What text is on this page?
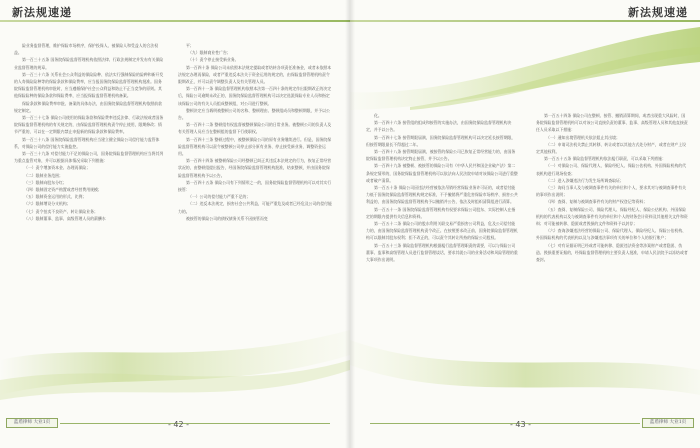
新法规速递

险业务监督管理，维护保险市场秩序，保护投保人、被保险人和受益人的合法权益。

第一百三十五条 国务院保险监督管理机构依照法律、行政法规制定并发布有关保险业监督管理的规章。

第一百三十六条 关系社会公众利益的保险险种、依法实行强制保险的险种和新开发的人寿保险险种等的保险条款和保险费率，应当报国务院保险监督管理机构批准。国务院保险监督管理机构审批时，应当遵循保护社会公众利益和防止不正当竞争的原则。其他保险险种的保险条款和保险费率，应当报保险监督管理机构备案。

保险条款和保险费率审批、备案的具体办法，由国务院保险监督管理机构依照前款规定制定。

第一百三十七条 保险公司使用的保险条款和保险费率违反法律、行政法规或者国务院保险监督管理机构的有关规定的，由保险监督管理机构责令停止使用，限期修改；情节严重的，可以在一定期限内禁止申报新的保险条款和保险费率。

第一百三十八条 国务院保险监督管理机构应当建立健全保险公司偿付能力监管体系，对保险公司的偿付能力实施监控。

第一百三十九条 对偿付能力不足的保险公司，国务院保险监督管理机构应当将其列为重点监管对象，并可以根据具体情况采取下列措施：

（一）责令增加资本金、办理再保险；

（二）限制业务范围；

（三）限制向股东分红；

（四）限制固定资产购置或者经营费用规模；

（五）限制资金运用的形式、比例；

（六）限制增设分支机构；

（七）责令拍卖不良资产、转让保险业务；

（八）限制董事、监事、高级管理人员的薪酬水

平；

（九）限制商业性广告；

（十）责令停止接受新业务。

第一百四十条 保险公司未依照本法规定提取或者结转各项责任准备金，或者未依照本法规定办理再保险，或者严重违反本法关于资金运用的规定的，由保险监督管理机构责令限期改正，并可以责令调整负责人及有关管理人员。

第一百四十一条 保险监督管理机构依照本法第一百四十条的规定作出限期改正的决定后，保险公司逾期未改正的，国务院保险监督管理机构可以决定选派保险专业人员和指定该保险公司的有关人员组成整顿组，对公司进行整顿。

整顿决定应当载明被整顿公司的名称、整顿理由、整顿组成员和整顿期限，并予以公告。

第一百四十二条 整顿组有权监督被整顿保险公司的日常业务。被整顿公司的负责人及有关管理人员应当在整顿组的监督下行使职权。

第一百四十三条 整顿过程中，被整顿保险公司的原有业务继续进行。但是，国务院保险监督管理机构可以责令被整顿公司停止部分原有业务、停止接受新业务，调整资金运用。

第一百四十四条 被整顿保险公司经整顿已纠正其违反本法规定的行为，恢复正常经营状况的，由整顿组提出报告，经国务院保险监督管理机构批准，结束整顿，并由国务院保险监督管理机构予以公告。

第一百四十五条 保险公司有下列情形之一的，国务院保险监督管理机构可以对其实行接管：

（一）公司的偿付能力严重不足的；

（二）违反本法规定，损害社会公共利益，可能严重危及或者已经危及公司的偿付能力的。

被接管的保险公司的债权债务关系不因接管而变

蓝盾律师 大业1页	- 42 -
新法规速递

化。

第一百四十六条 接管组的组成和接管的实施办法，由国务院保险监督管理机构决定，并予以公告。

第一百四十七条 接管期限届满，国务院保险监督管理机构可以决定延长接管期限，但接管期限最长不得超过二年。

第一百四十八条 接管期限届满，被接管的保险公司已恢复正常经营能力的，由国务院保险监督管理机构决定终止接管，并予以公告。

第一百四十九条 被整顿、被接管的保险公司有《中华人民共和国企业破产法》第二条规定情形的，国务院保险监督管理机构可以依法向人民法院申请对该保险公司进行重整或者破产清算。

第一百五十条 保险公司因违法经营被依法吊销经营保险业务许可证的，或者偿付能力低于国务院保险监督管理机构规定标准，不予撤销将严重危害保险市场秩序、损害公共利益的，由国务院保险监督管理机构予以撤销并公告，依法及时组织清算组进行清算。

第一百五十一条 国务院保险监督管理机构有权要求保险公司股东、实际控制人在指定的期限内提供有关信息和资料。

第一百五十二条 保险公司的股东利用关联交易严重损害公司利益，危及公司偿付能力的，由国务院保险监督管理机构责令改正。在按照要求改正前，国务院保险监督管理机构可以限制其股东权利；拒不改正的，可以责令其转让所持的保险公司股权。

第一百五十三条 保险监督管理机构根据履行监督管理职责的需要，可以与保险公司董事、监事和高级管理人员进行监督管理谈话，要求其就公司的业务活动和风险管理的重大事项作出说明。

第一百五十四条 保险公司在整顿、接管、撤销清算期间，或者出现重大风险时，国务院保险监督管理机构可以对该公司直接负责的董事、监事、高级管理人员和其他直接责任人员采取以下措施：

（一）通知出境管理机关依法阻止其出境；

（二）申请司法机关禁止其转移、转让或者以其他方式处分财产，或者在财产上设定其他权利。

第一百五十五条 保险监督管理机构依法履行职责，可以采取下列措施：

（一）对保险公司、保险代理人、保险经纪人、保险公估机构、外国保险机构的代表机构进行现场检查；

（二）进入涉嫌违法行为发生场所调查取证；

（三）询问当事人及与被调查事件有关的单位和个人，要求其对与被调查事件有关的事项作出说明；

（四）查阅、复制与被调查事件有关的财产权登记等资料；

（五）查阅、复制保险公司、保险代理人、保险经纪人、保险公估机构、外国保险机构的代表机构以及与被调查事件有关的单位和个人的财务会计资料及其他相关文件和资料；对可能被转移、隐匿或者毁损的文件和资料予以封存；

（六）查询涉嫌违法经营的保险公司、保险代理人、保险经纪人、保险公估机构、外国保险机构的代表机构以及与涉嫌违法事项有关的单位和个人的银行账户；

（七）对有证据证明已经或者可能转移、隐匿违法资金等涉案财产或者隐匿、伪造、毁损重要证据的，经保险监督管理机构主要负责人批准，申请人民法院予以冻结或者查封。

- 43 -	蓝盾律师 大业1页
